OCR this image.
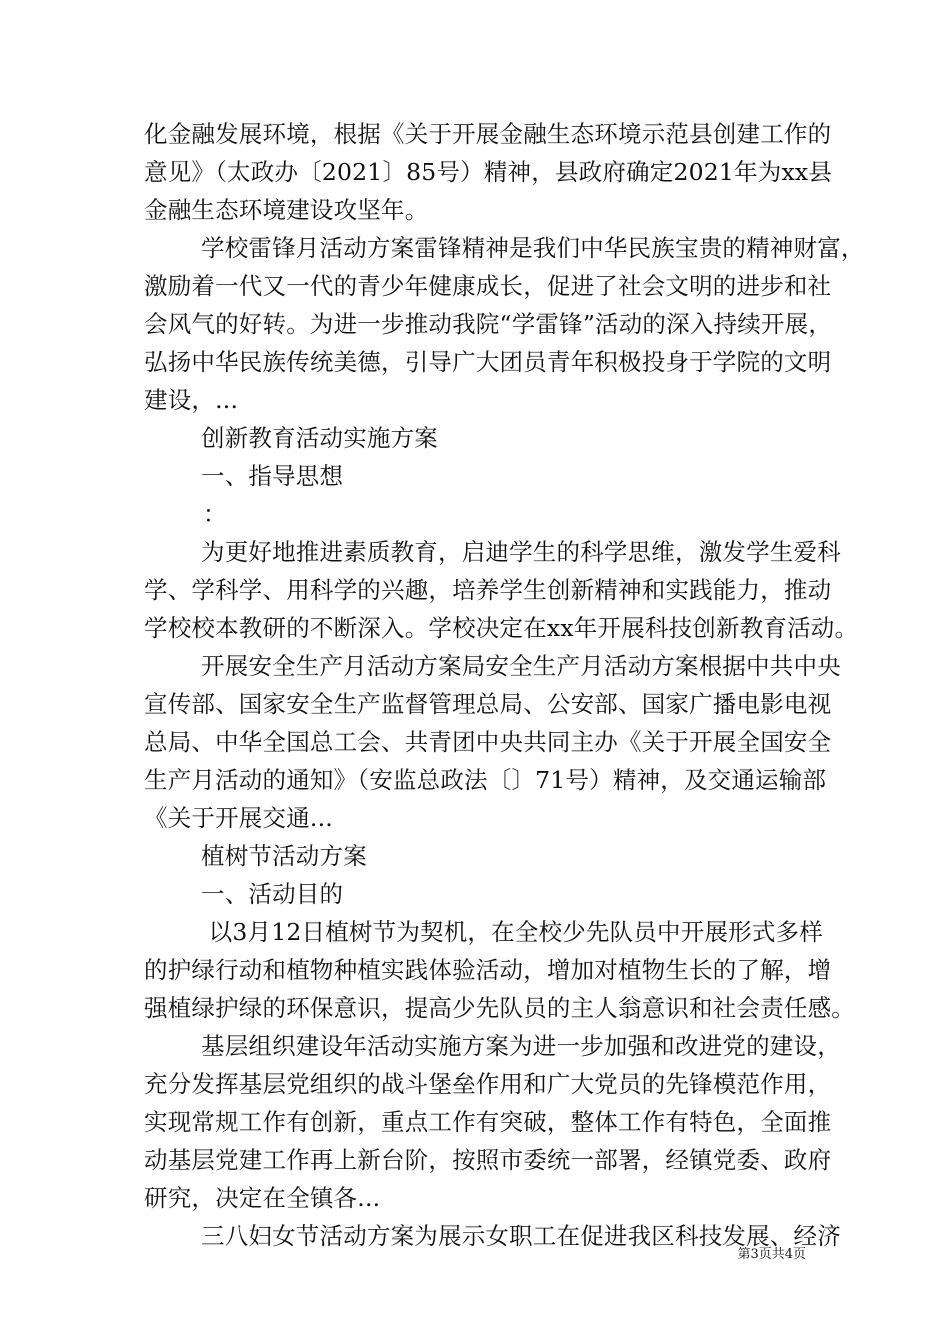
化金融发展环境，根据《关于开展金融生态环境示范县创建工作的
意见》（太政办〔2021〕85号）精神，县政府确定2021年为xx县
金融生态环境建设攻坚年。
学校雷锋月活动方案雷锋精神是我们中华民族宝贵的精神财富，
激励着一代又一代的青少年健康成长，促进了社会文明的进步和社
会风气的好转。为进一步推动我院“学雷锋”活动的深入持续开展，
弘扬中华民族传统美德，引导广大团员青年积极投身于学院的文明
建设，...
创新教育活动实施方案
一、指导思想
：
为更好地推进素质教育，启迪学生的科学思维，激发学生爱科
学、学科学、用科学的兴趣，培养学生创新精神和实践能力，推动
学校校本教研的不断深入。学校决定在xx年开展科技创新教育活动。
开展安全生产月活动方案局安全生产月活动方案根据中共中央
宣传部、国家安全生产监督管理总局、公安部、国家广播电影电视
总局、中华全国总工会、共青团中央共同主办《关于开展全国安全
生产月活动的通知》（安监总政法〔〕71号）精神，及交通运输部
《关于开展交通...
植树节活动方案
一、活动目的
以3月12日植树节为契机，在全校少先队员中开展形式多样
的护绿行动和植物种植实践体验活动，增加对植物生长的了解，增
强植绿护绿的环保意识，提高少先队员的主人翁意识和社会责任感。
基层组织建设年活动实施方案为进一步加强和改进党的建设，
充分发挥基层党组织的战斗堡垒作用和广大党员的先锋模范作用，
实现常规工作有创新，重点工作有突破，整体工作有特色，全面推
动基层党建工作再上新台阶，按照市委统一部署，经镇党委、政府
研究，决定在全镇各...
三八妇女节活动方案为展示女职工在促进我区科技发展、经济
第3页共4页
